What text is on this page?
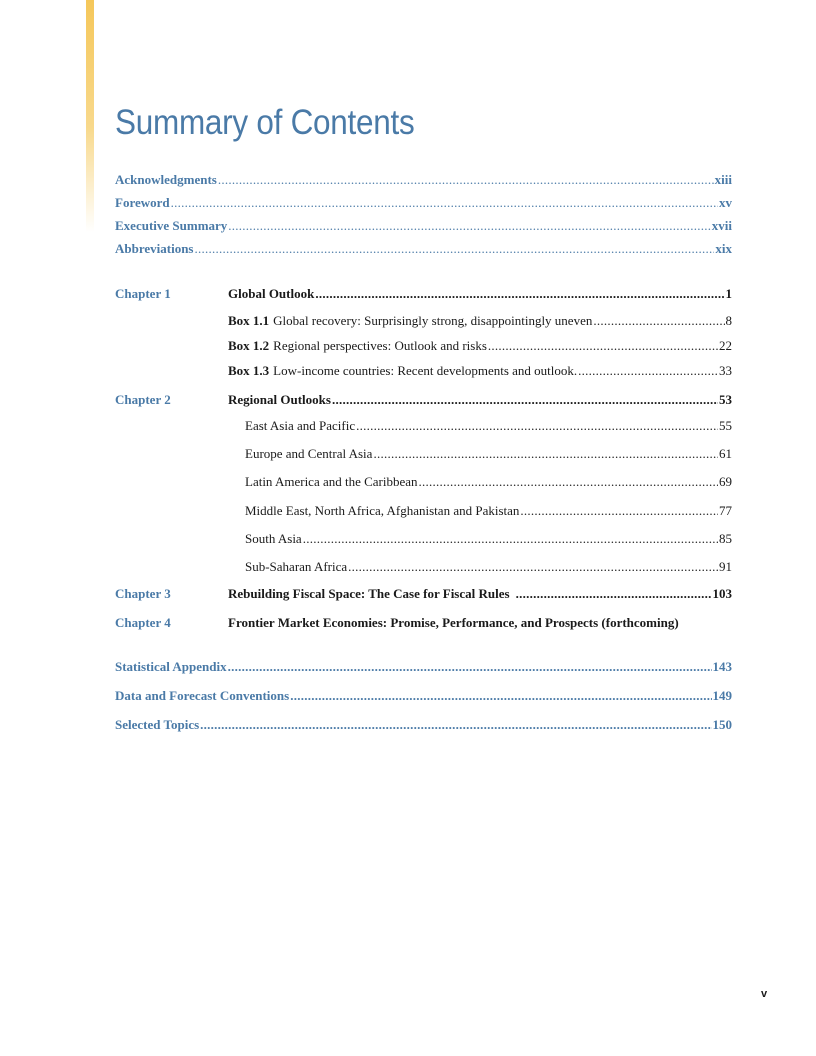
Summary of Contents
Acknowledgments . . .	xiii
Foreword . . .	xv
Executive Summary . . .	xvii
Abbreviations . . .	xix
Chapter 1	Global Outlook . . .	1
Box 1.1 Global recovery: Surprisingly strong, disappointingly uneven . . .	8
Box 1.2 Regional perspectives: Outlook and risks . . .	22
Box 1.3 Low-income countries: Recent developments and outlook. . . .	33
Chapter 2	Regional Outlooks . . .	53
East Asia and Pacific . . .	55
Europe and Central Asia . . .	61
Latin America and the Caribbean . . .	69
Middle East, North Africa, Afghanistan and Pakistan . . .	77
South Asia . . .	85
Sub-Saharan Africa . . .	91
Chapter 3	Rebuilding Fiscal Space: The Case for Fiscal Rules . . .	103
Chapter 4	Frontier Market Economies: Promise, Performance, and Prospects (forthcoming)
Statistical Appendix . . .	143
Data and Forecast Conventions . . .	149
Selected Topics . . .	150
v
